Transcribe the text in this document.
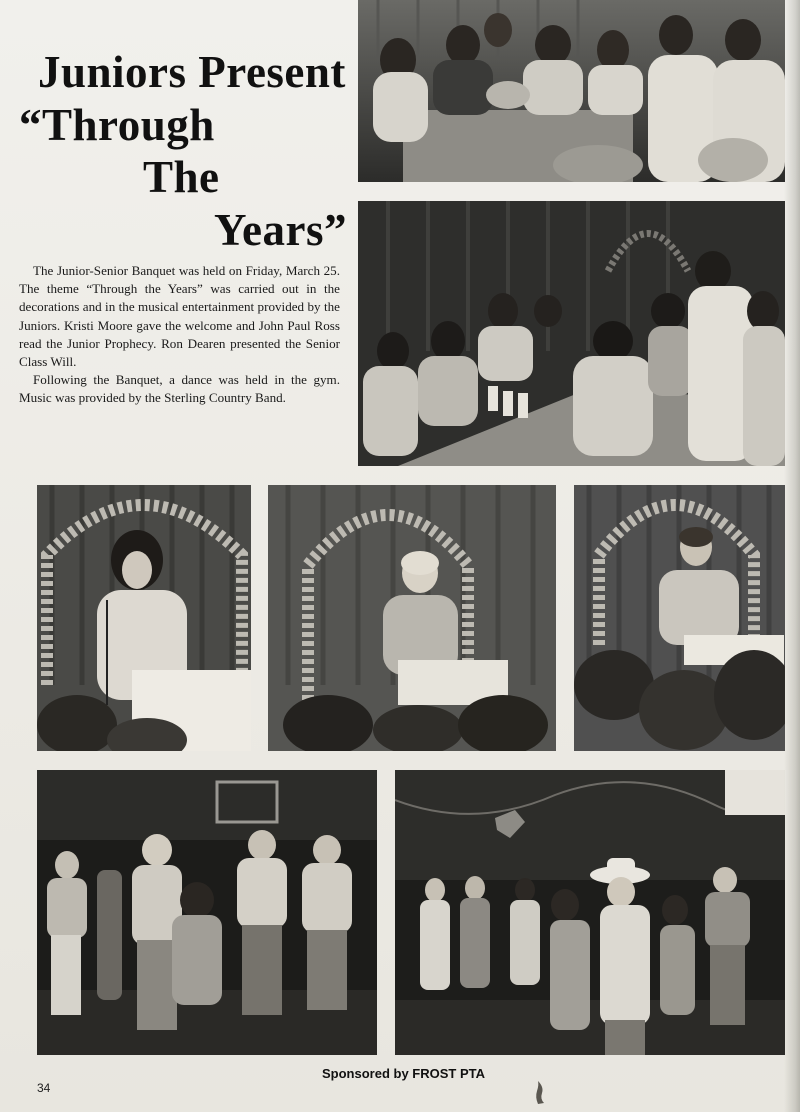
Juniors Present
“Through
The
Years”

The Junior-Senior Banquet was held on Friday, March 25. The theme “Through the Years” was carried out in the decorations and in the musical entertainment provided by the Juniors. Kristi Moore gave the welcome and John Paul Ross read the Junior Prophecy. Ron Dearen presented the Senior Class Will.

Following the Banquet, a dance was held in the gym. Music was provided by the Sterling Country Band.

Sponsored by FROST PTA
34
